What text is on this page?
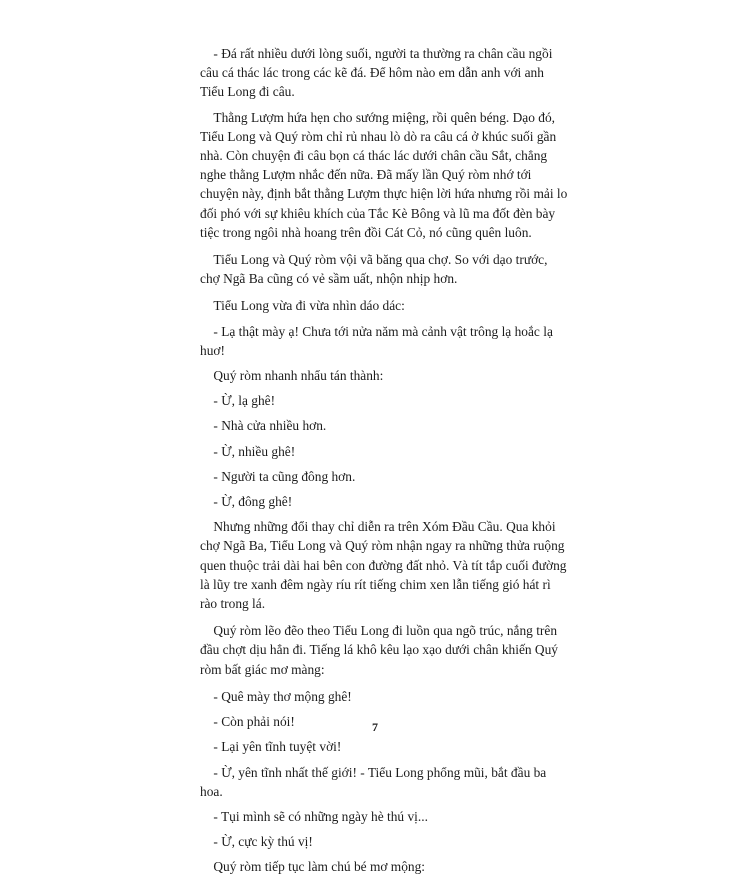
- Đá rất nhiều dưới lòng suối, người ta thường ra chân cầu ngồi câu cá thác lác trong các kẽ đá. Để hôm nào em dẫn anh với anh Tiểu Long đi câu.

Thằng Lượm hứa hẹn cho sướng miệng, rồi quên béng. Dạo đó, Tiểu Long và Quý ròm chỉ rủ nhau lò dò ra câu cá ở khúc suối gần nhà. Còn chuyện đi câu bọn cá thác lác dưới chân cầu Sắt, chẳng nghe thằng Lượm nhắc đến nữa. Đã mấy lần Quý ròm nhớ tới chuyện này, định bắt thằng Lượm thực hiện lời hứa nhưng rồi mải lo đối phó với sự khiêu khích của Tắc Kè Bông và lũ ma đốt đèn bày tiệc trong ngôi nhà hoang trên đồi Cát Cỏ, nó cũng quên luôn.

Tiểu Long và Quý ròm vội vã băng qua chợ. So với dạo trước, chợ Ngã Ba cũng có vẻ sầm uất, nhộn nhịp hơn.

Tiểu Long vừa đi vừa nhìn dáo dác:

- Lạ thật mày ạ! Chưa tới nửa năm mà cảnh vật trông lạ hoắc lạ huơ!

Quý ròm nhanh nhẩu tán thành:

- Ừ, lạ ghê!

- Nhà cửa nhiều hơn.

- Ừ, nhiều ghê!

- Người ta cũng đông hơn.

- Ừ, đông ghê!

Nhưng những đổi thay chỉ diễn ra trên Xóm Đầu Cầu. Qua khỏi chợ Ngã Ba, Tiểu Long và Quý ròm nhận ngay ra những thửa ruộng quen thuộc trải dài hai bên con đường đất nhỏ. Và tít tắp cuối đường là lũy tre xanh đêm ngày ríu rít tiếng chim xen lẫn tiếng gió hát rì rào trong lá.

Quý ròm lẽo đẽo theo Tiểu Long đi luồn qua ngõ trúc, nắng trên đầu chợt dịu hẳn đi. Tiếng lá khô kêu lạo xạo dưới chân khiến Quý ròm bất giác mơ màng:

- Quê mày thơ mộng ghê!

- Còn phải nói!

- Lại yên tĩnh tuyệt vời!

- Ừ, yên tĩnh nhất thế giới! - Tiểu Long phổng mũi, bắt đầu ba hoa.

- Tụi mình sẽ có những ngày hè thú vị...

- Ừ, cực kỳ thú vị!

Quý ròm tiếp tục làm chú bé mơ mộng:

7
